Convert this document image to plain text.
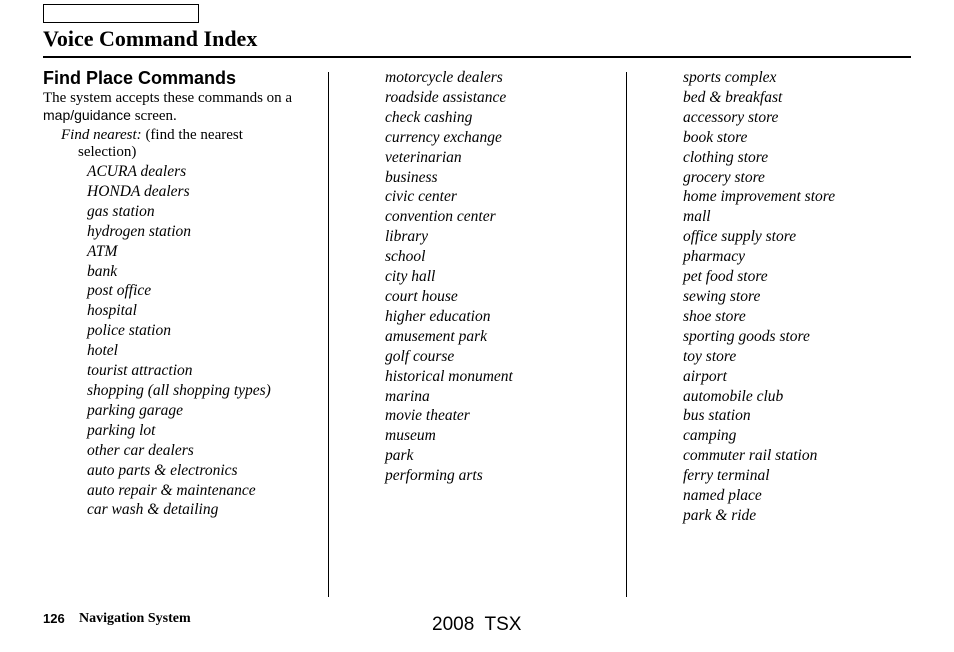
Voice Command Index
Find Place Commands

The system accepts these commands on a map/guidance screen.

Find nearest: (find the nearest
selection)

ACURA dealers
HONDA dealers
gas station
hydrogen station
ATM
bank
post office
hospital
police station
hotel
tourist attraction
shopping (all shopping types)
parking garage
parking lot
other car dealers
auto parts & electronics
auto repair & maintenance
car wash & detailing
motorcycle dealers
roadside assistance
check cashing
currency exchange
veterinarian
business
civic center
convention center
library
school
city hall
court house
higher education
amusement park
golf course
historical monument
marina
movie theater
museum
park
performing arts
sports complex
bed & breakfast
accessory store
book store
clothing store
grocery store
home improvement store
mall
office supply store
pharmacy
pet food store
sewing store
shoe store
sporting goods store
toy store
airport
automobile club
bus station
camping
commuter rail station
ferry terminal
named place
park & ride
126 Navigation System	2008  TSX
